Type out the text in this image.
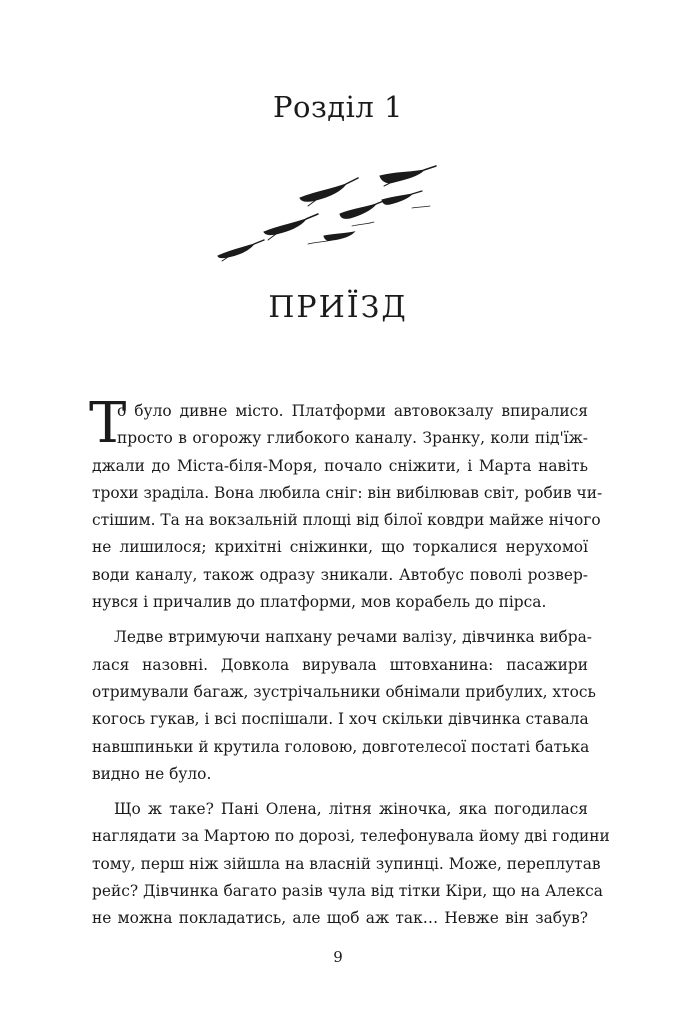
Розділ 1
ПРИЇЗД
Т
о було дивне місто. Платформи автовокзалу впиралися
просто в огорожу глибокого каналу. Зранку, коли під'їж-
джали до Міста-біля-Моря, почало сніжити, і Марта навіть
трохи зраділа. Вона любила сніг: він вибілював світ, робив чи-
стішим. Та на вокзальній площі від білої ковдри майже нічого
не лишилося; крихітні сніжинки, що торкалися нерухомої
води каналу, також одразу зникали. Автобус поволі розвер-
нувся і причалив до платформи, мов корабель до пірса.
Ледве втримуючи напхану речами валізу, дівчинка вибра-
лася назовні. Довкола вирувала штовханина: пасажири
отримували багаж, зустрічальники обнімали прибулих, хтось
когось гукав, і всі поспішали. І хоч скільки дівчинка ставала
навшпиньки й крутила головою, довготелесої постаті батька
видно не було.
Що ж таке? Пані Олена, літня жіночка, яка погодилася
наглядати за Мартою по дорозі, телефонувала йому дві години
тому, перш ніж зійшла на власній зупинці. Може, переплутав
рейс? Дівчинка багато разів чула від тітки Кіри, що на Алекса
не можна покладатись, але щоб аж так… Невже він забув?
9
